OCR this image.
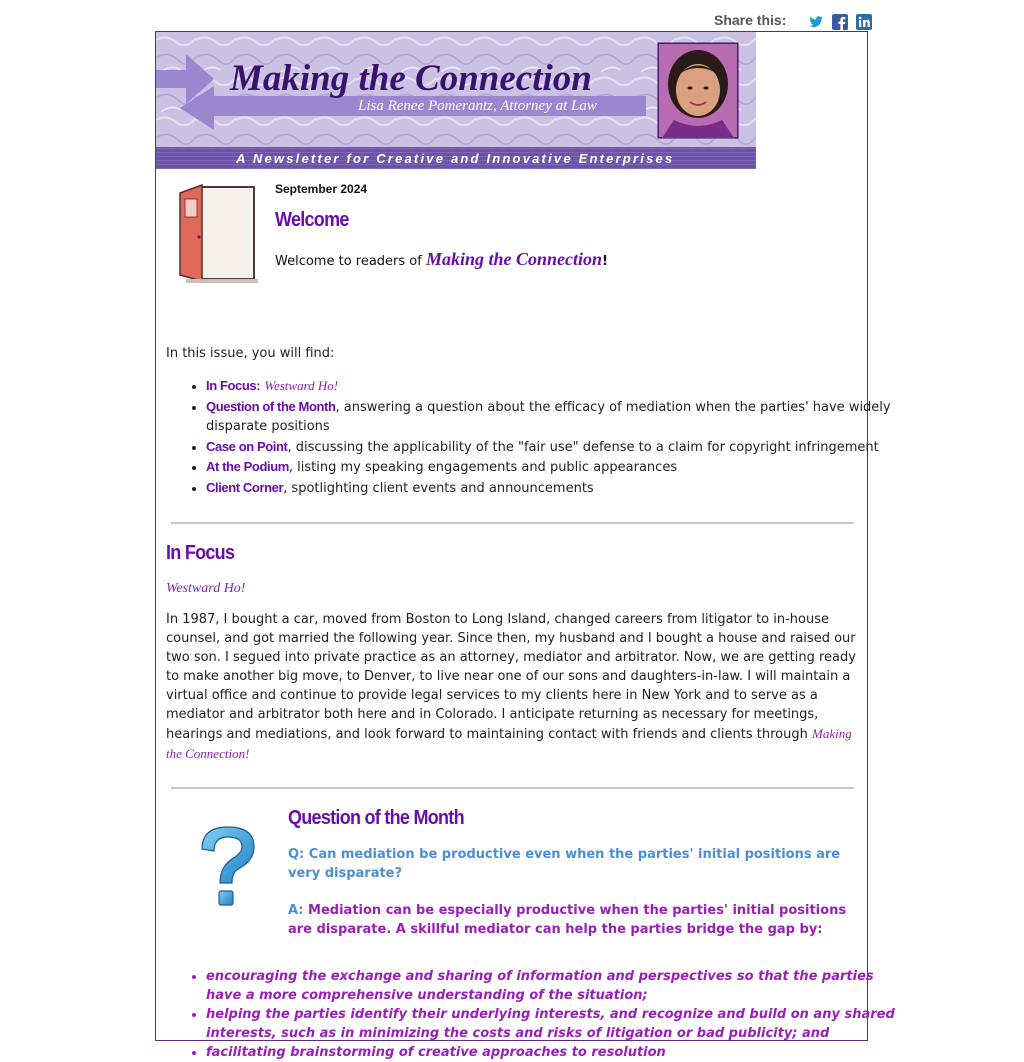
Share this:
Making the Connection
Lisa Renee Pomerantz, Attorney at Law
A Newsletter for Creative and Innovative Enterprises
September 2024
Welcome
Welcome to readers of Making the Connection!
In this issue, you will find:
• In Focus: Westward Ho!
• Question of the Month, answering a question about the efficacy of mediation when the parties' have widely disparate positions
• Case on Point, discussing the applicability of the "fair use" defense to a claim for copyright infringement
• At the Podium, listing my speaking engagements and public appearances
• Client Corner, spotlighting client events and announcements
In Focus
Westward Ho!

In 1987, I bought a car, moved from Boston to Long Island, changed careers from litigator to in-house counsel, and got married the following year. Since then, my husband and I bought a house and raised our two son. I segued into private practice as an attorney, mediator and arbitrator. Now, we are getting ready to make another big move, to Denver, to live near one of our sons and daughters-in-law. I will maintain a virtual office and continue to provide legal services to my clients here in New York and to serve as a mediator and arbitrator both here and in Colorado. I anticipate returning as necessary for meetings, hearings and mediations, and look forward to maintaining contact with friends and clients through Making the Connection!

Question of the Month

Q: Can mediation be productive even when the parties' initial positions are very disparate?

A: Mediation can be especially productive when the parties' initial positions are disparate. A skillful mediator can help the parties bridge the gap by:

• encouraging the exchange and sharing of information and perspectives so that the parties have a more comprehensive understanding of the situation;
• helping the parties identify their underlying interests, and recognize and build on any shared interests, such as in minimizing the costs and risks of litigation or bad publicity; and
• facilitating brainstorming of creative approaches to resolution
